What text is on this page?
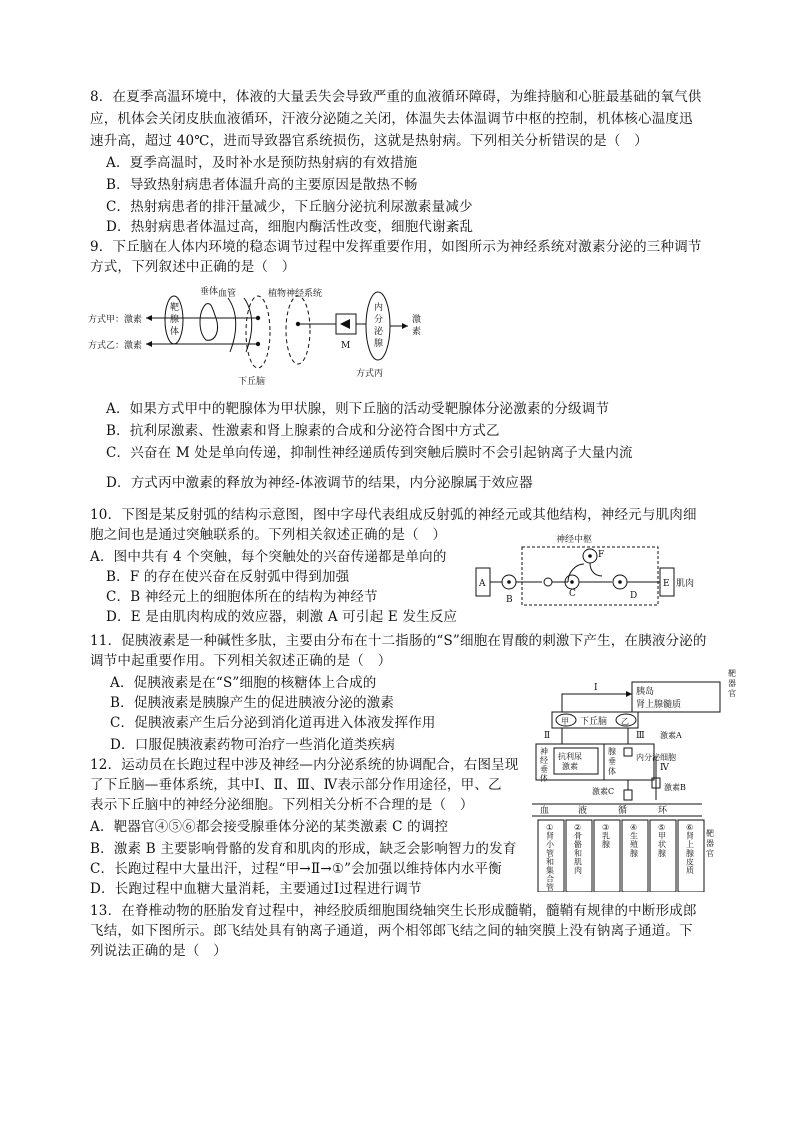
8．在夏季高温环境中，体液的大量丢失会导致严重的血液循环障碍，为维持脑和心脏最基础的氧气供
应，机体会关闭皮肤血液循环，汗液分泌随之关闭，体温失去体温调节中枢的控制，机体核心温度迅
速升高，超过 40℃，进而导致器官系统损伤，这就是热射病。下列相关分析错误的是（　）
A．夏季高温时，及时补水是预防热射病的有效措施
B．导致热射病患者体温升高的主要原因是散热不畅
C．热射病患者的排汗量减少，下丘脑分泌抗利尿激素量减少
D．热射病患者体温过高，细胞内酶活性改变，细胞代谢紊乱
9．下丘脑在人体内环境的稳态调节过程中发挥重要作用，如图所示为神经系统对激素分泌的三种调节
方式，下列叙述中正确的是（　）
方式甲：激素
方式乙：激素
靶
腺
体
垂体 血管
下丘脑
植物神经系统
M
内
分
泌
腺
激
素
方式丙
A．如果方式甲中的靶腺体为甲状腺，则下丘脑的活动受靶腺体分泌激素的分级调节
B．抗利尿激素、性激素和肾上腺素的合成和分泌符合图中方式乙
C．兴奋在 M 处是单向传递，抑制性神经递质传到突触后膜时不会引起钠离子大量内流
D．方式丙中激素的释放为神经-体液调节的结果，内分泌腺属于效应器
10．下图是某反射弧的结构示意图，图中字母代表组成反射弧的神经元或其他结构，神经元与肌肉细
胞之间也是通过突触联系的。下列相关叙述正确的是（　）
A．图中共有 4 个突触，每个突触处的兴奋传递都是单向的
B．F 的存在使兴奋在反射弧中得到加强
C．B 神经元上的细胞体所在的结构为神经节
D．E 是由肌肉构成的效应器，刺激 A 可引起 E 发生反应
神经中枢
A
B
F
C	D
E 肌肉
11．促胰液素是一种碱性多肽，主要由分布在十二指肠的“S”细胞在胃酸的刺激下产生，在胰液分泌的
调节中起重要作用。下列相关叙述正确的是（　）
A．促胰液素是在“S”细胞的核糖体上合成的
B．促胰液素是胰腺产生的促进胰液分泌的激素
C．促胰液素产生后分泌到消化道再进入体液发挥作用
D．口服促胰液素药物可治疗一些消化道类疾病
12．运动员在长跑过程中涉及神经—内分泌系统的协调配合，右图呈现
了下丘脑—垂体系统，其中Ⅰ、Ⅱ、Ⅲ、Ⅳ表示部分作用途径，甲、乙
表示下丘脑中的神经分泌细胞。下列相关分析不合理的是（　）
A．靶器官④⑤⑥都会接受腺垂体分泌的某类激素 C 的调控
B．激素 B 主要影响骨骼的发育和肌肉的形成，缺乏会影响智力的发育
C．长跑过程中大量出汗，过程“甲→Ⅱ→①”会加强以维持体内水平衡
D．长跑过程中血糖大量消耗，主要通过Ⅰ过程进行调节
胰岛
肾上腺髓质
靶
器
官
Ⅰ
甲 下丘脑 乙
Ⅱ	Ⅲ 激素A
神
经
垂
体
抗利尿
激素
腺
垂
体
内分泌细胞
Ⅳ
激素C	激素B
血	液	循	环
①
肾
小
管
和
集
合
管
②
骨
骼
和
肌
肉
③
乳
腺
④
生
殖
腺
⑤
甲
状
腺
⑥
肾
上
腺
皮
质
靶
器
官
13．在脊椎动物的胚胎发育过程中，神经胶质细胞围绕轴突生长形成髓鞘，髓鞘有规律的中断形成郎
飞结，如下图所示。郎飞结处具有钠离子通道，两个相邻郎飞结之间的轴突膜上没有钠离子通道。下
列说法正确的是（　）
